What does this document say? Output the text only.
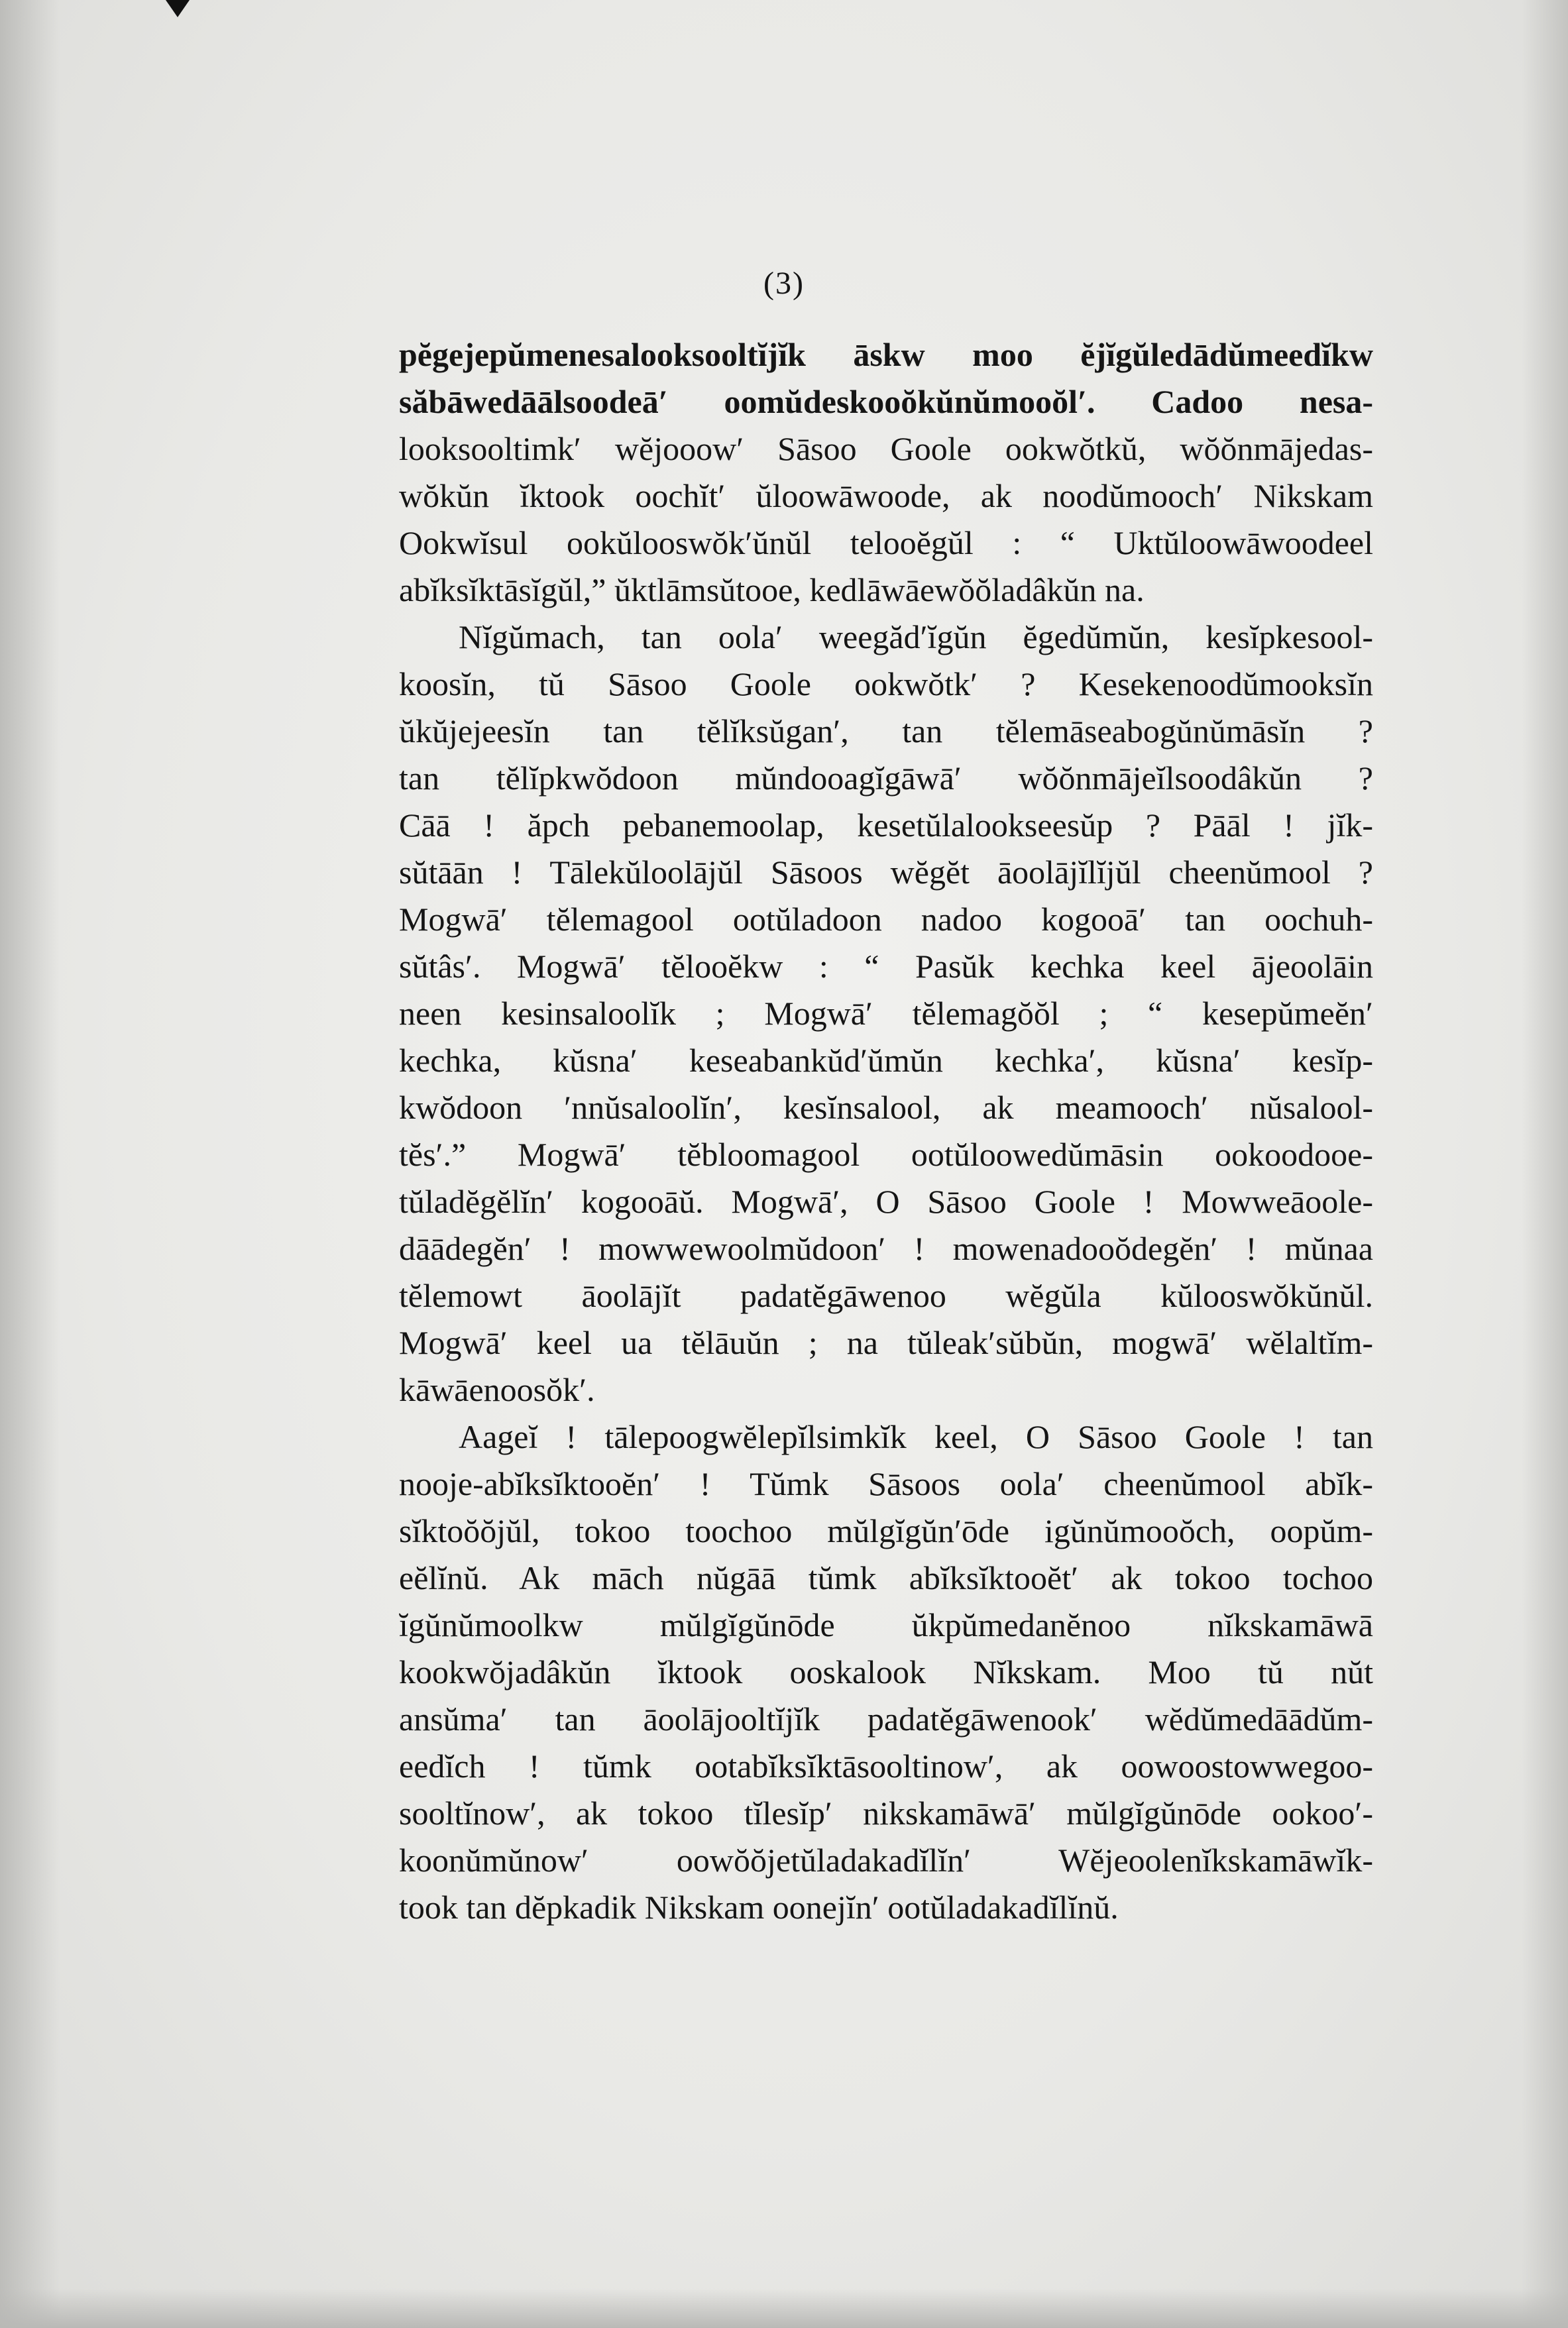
(3)
pĕgejepŭmenesalooksooltĭjĭk āskw moo ĕjĭgŭledādŭmeedĭkw
săbāwedāālsoodeā′ oomŭdeskooŏkŭnŭmooŏl′. Cadoo nesa-
looksooltimk′ wĕjooow′ Sāsoo Goole ookwŏtkŭ, wŏŏnmājedas-
wŏkŭn ĭktook oochĭt′ ŭloowāwoode, ak noodŭmooch′ Nikskam
Ookwĭsul ookŭlooswŏk′ŭnŭl telooĕgŭl : “ Uktŭloowāwoodeel
abĭksĭktāsĭgŭl,” ŭktlāmsŭtooe, kedlāwāewŏŏladâkŭn na.
Nĭgŭmach, tan oola′ weegăd′ĭgŭn ĕgedŭmŭn, kesĭpkesool-
koosĭn, tŭ Sāsoo Goole ookwŏtk′ ? Kesekenoodŭmooksĭn
ŭkŭjejeesĭn tan tĕlĭksŭgan′, tan tĕlemāseabogŭnŭmāsĭn ?
tan tĕlĭpkwŏdoon mŭndooagĭgāwā′ wŏŏnmājeĭlsoodâkŭn ?
Cāā ! ăpch pebanemoolap, kesetŭlalookseesŭp ? Pāāl ! jĭk-
sŭtāān ! Tālekŭloolājŭl Sāsoos wĕgĕt āoolājĭlĭjŭl cheenŭmool ?
Mogwā′ tĕlemagool ootŭladoon nadoo kogooā′ tan oochuh-
sŭtâs′. Mogwā′ tĕlooĕkw : “ Pasŭk kechka keel ājeoolāin
neen kesinsaloolĭk ; Mogwā′ tĕlemagŏŏl ; “ kesepŭmeĕn′
kechka, kŭsna′ keseabankŭd′ŭmŭn kechka′, kŭsna′ kesĭp-
kwŏdoon ′nnŭsaloolĭn′, kesĭnsalool, ak meamooch′ nŭsalool-
tĕs′.” Mogwā′ tĕbloomagool ootŭloowedŭmāsin ookoodooe-
tŭladĕgĕlĭn′ kogooāŭ. Mogwā′, O Sāsoo Goole ! Mowweāoole-
dāādegĕn′ ! mowwewoolmŭdoon′ ! mowenadooŏdegĕn′ ! mŭnaa
tĕlemowt āoolājĭt padatĕgāwenoo wĕgŭla kŭlooswŏkŭnŭl.
Mogwā′ keel ua tĕlāuŭn ; na tŭleak′sŭbŭn, mogwā′ wĕlaltĭm-
kāwāenoosŏk′.
Aageĭ ! tālepoogwĕlepĭlsimkĭk keel, O Sāsoo Goole ! tan
nooje-abĭksĭktooĕn′ ! Tŭmk Sāsoos oola′ cheenŭmool abĭk-
sĭktoŏŏjŭl, tokoo toochoo mŭlgĭgŭn′ōde igŭnŭmooŏch, oopŭm-
eĕlĭnŭ. Ak māch nŭgāā tŭmk abĭksĭktooĕt′ ak tokoo tochoo
ĭgŭnŭmoolkw mŭlgĭgŭnōde ŭkpŭmedanĕnoo nĭkskamāwā
kookwŏjadâkŭn ĭktook ooskalook Nĭkskam. Moo tŭ nŭt
ansŭma′ tan āoolājooltĭjĭk padatĕgāwenook′ wĕdŭmedāādŭm-
eedĭch ! tŭmk ootabĭksĭktāsooltinow′, ak oowoostowwegoo-
sooltĭnow′, ak tokoo tĭlesĭp′ nikskamāwā′ mŭlgĭgŭnōde ookoo′-
koonŭmŭnow′ oowŏŏjetŭladakadĭlĭn′ Wĕjeoolenĭkskamāwĭk-
took tan dĕpkadik Nikskam oonejĭn′ ootŭladakadĭlĭnŭ.
